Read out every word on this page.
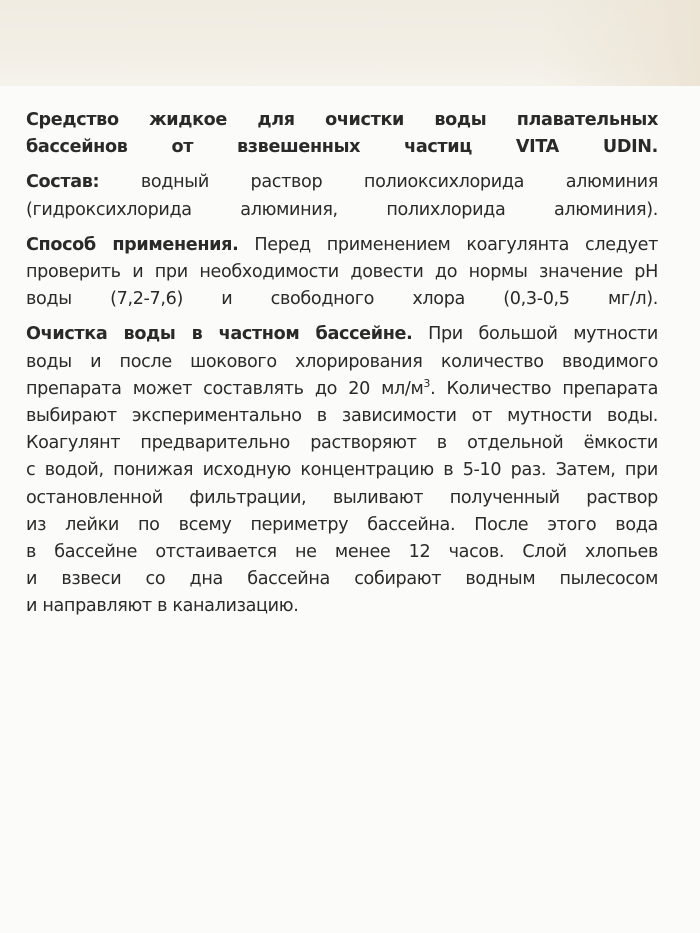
Средство жидкое для очистки воды плавательных
бассейнов от взвешенных частиц VITA UDIN.
Состав: водный раствор полиоксихлорида алюминия
(гидроксихлорида алюминия, полихлорида алюминия).
Способ применения. Перед применением коагулянта следует
проверить и при необходимости довести до нормы значение рН
воды (7,2-7,6) и свободного хлора (0,3-0,5 мг/л).
Очистка воды в частном бассейне. При большой мутности
воды и после шокового хлорирования количество вводимого
препарата может составлять до 20 $мл/м^3$. Количество препарата
выбирают экспериментально в зависимости от мутности воды.
Коагулянт предварительно растворяют в отдельной ёмкости
с водой, понижая исходную концентрацию в 5-10 раз. Затем, при
остановленной фильтрации, выливают полученный раствор
из лейки по всему периметру бассейна. После этого вода
в бассейне отстаивается не менее 12 часов. Слой хлопьев
и взвеси со дна бассейна собирают водным пылесосом
и направляют в канализацию.
